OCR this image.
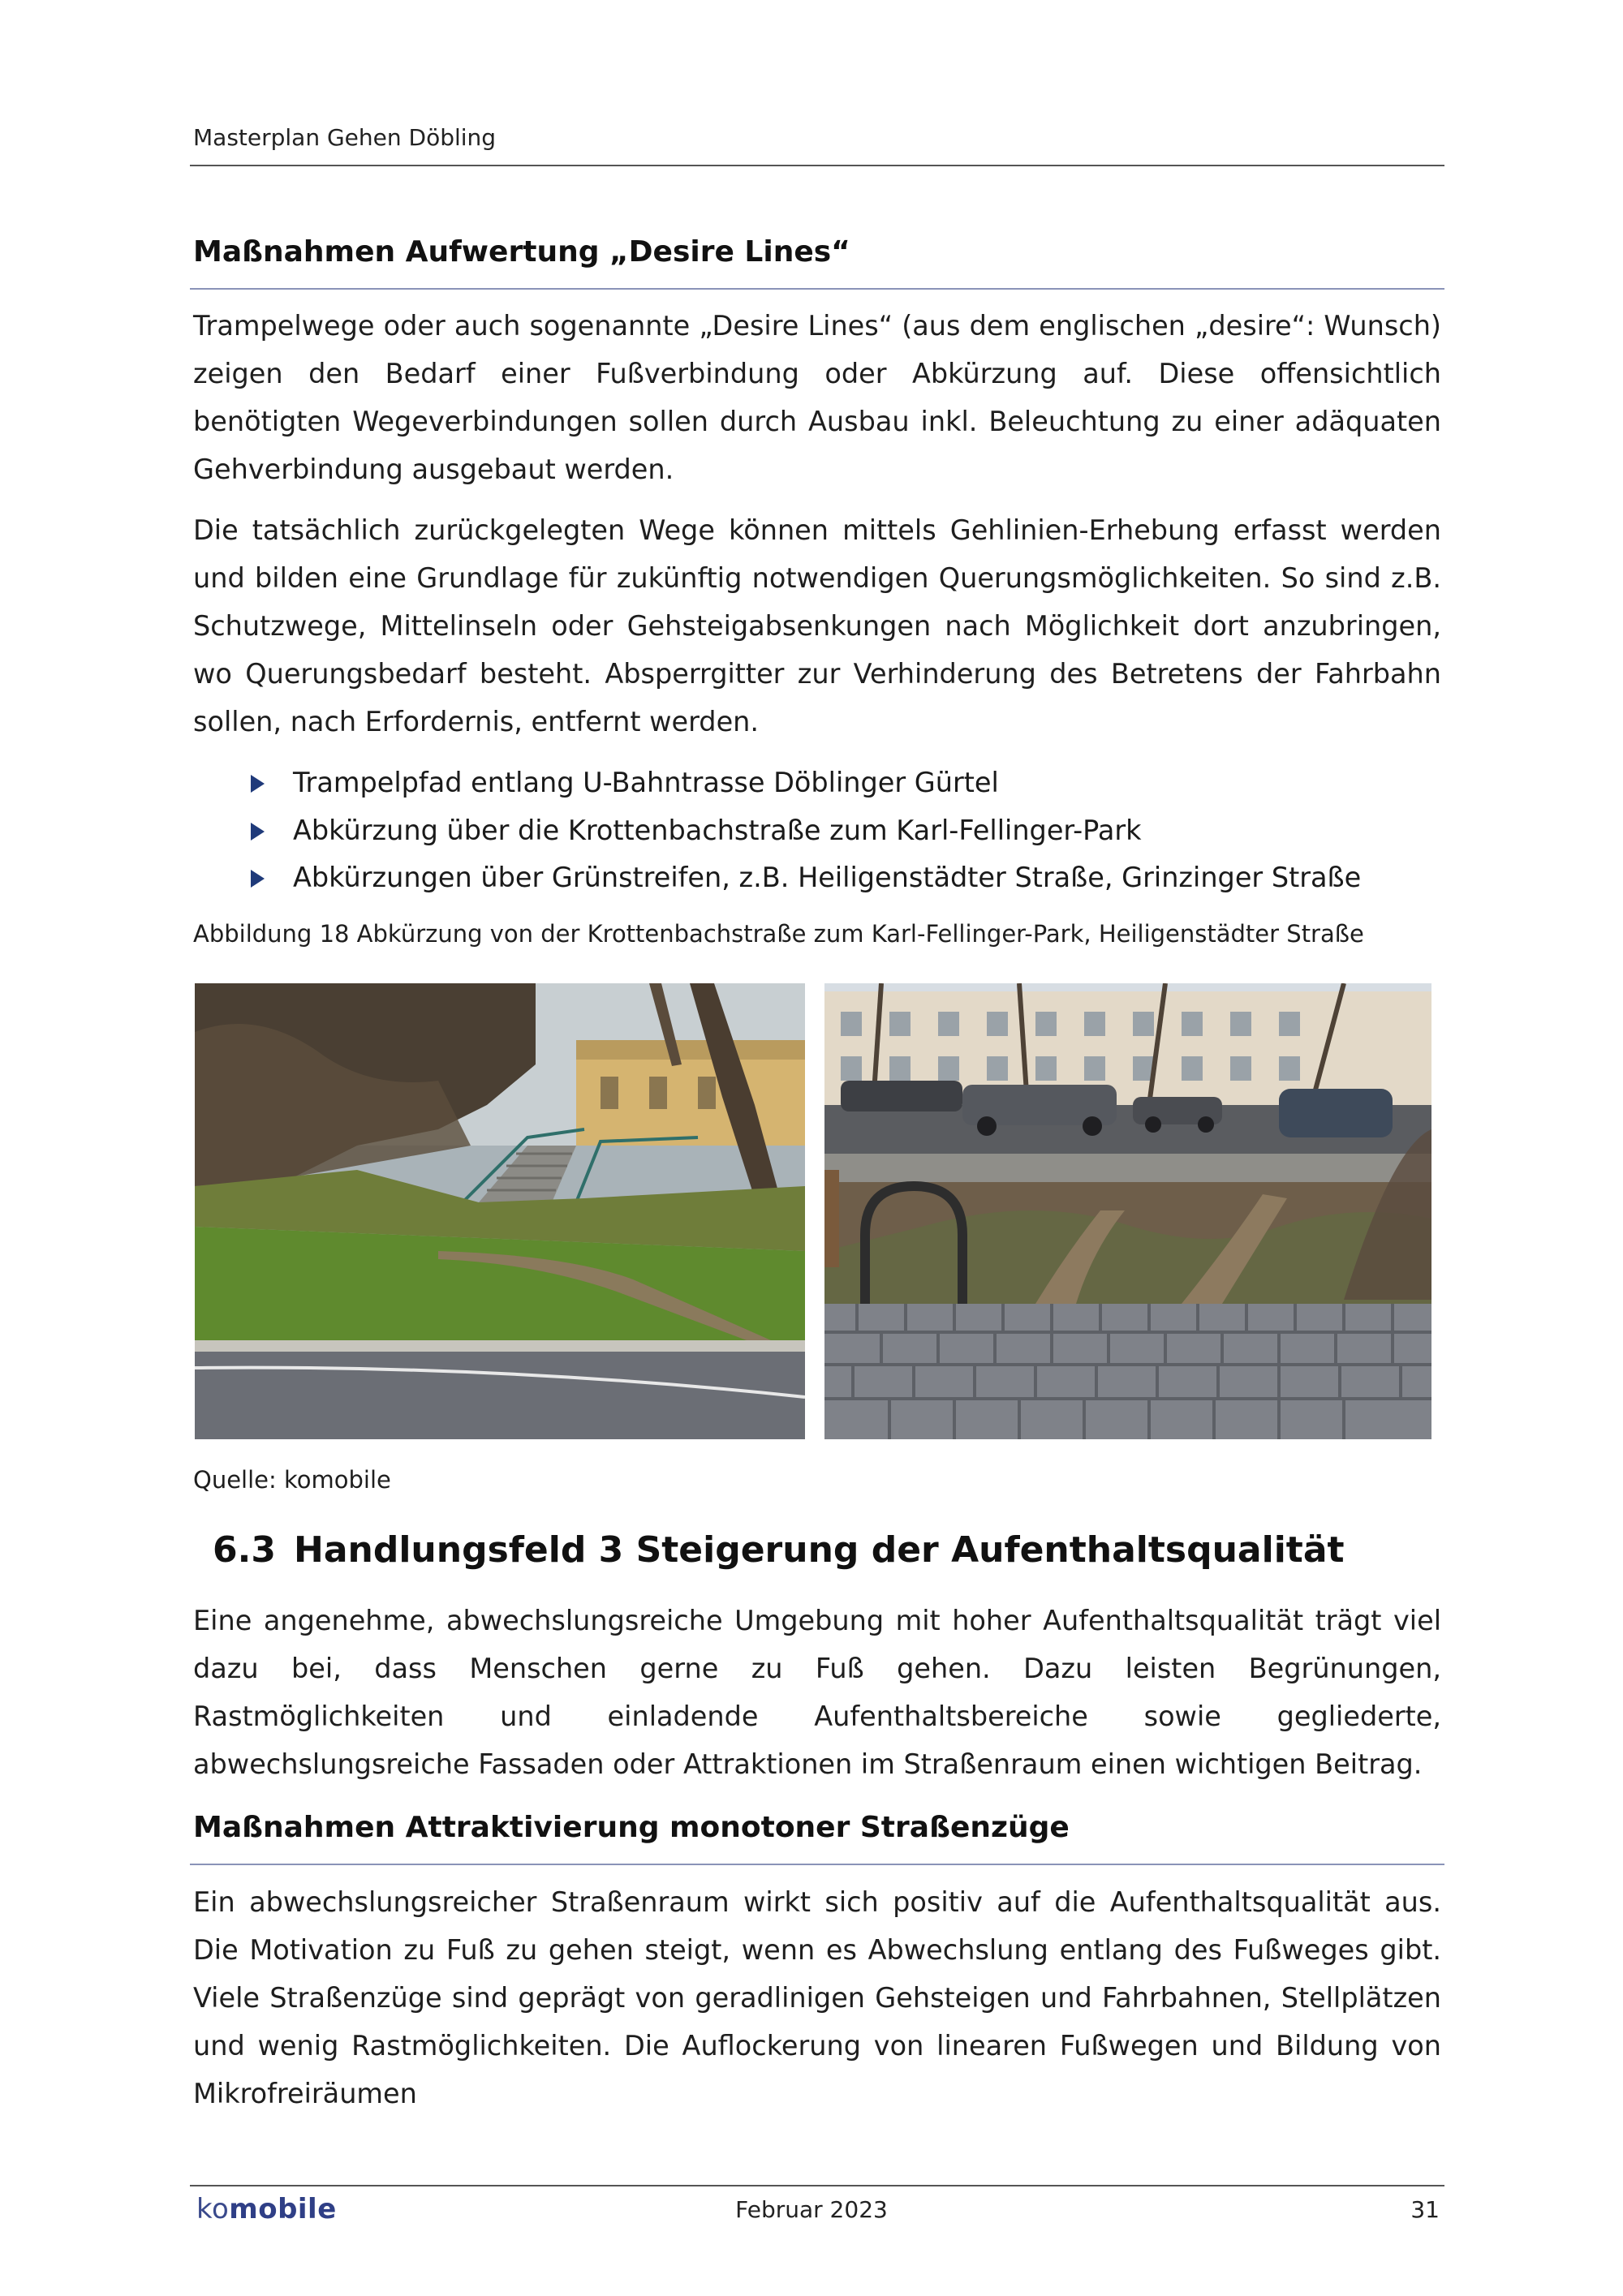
Masterplan Gehen Döbling
Maßnahmen Aufwertung „Desire Lines“
Trampelwege oder auch sogenannte „Desire Lines“ (aus dem englischen „desire“: Wunsch) zeigen den Bedarf einer Fußverbindung oder Abkürzung auf. Diese offensichtlich benötigten Wegeverbindungen sollen durch Ausbau inkl. Beleuchtung zu einer adäquaten Gehverbindung ausgebaut werden.
Die tatsächlich zurückgelegten Wege können mittels Gehlinien-Erhebung erfasst werden und bilden eine Grundlage für zukünftig notwendigen Querungsmöglichkeiten. So sind z.B. Schutzwege, Mittelinseln oder Gehsteigabsenkungen nach Möglichkeit dort anzubringen, wo Querungsbedarf besteht. Absperrgitter zur Verhinderung des Betretens der Fahrbahn sollen, nach Erfordernis, entfernt werden.
Trampelpfad entlang U-Bahntrasse Döblinger Gürtel
Abkürzung über die Krottenbachstraße zum Karl-Fellinger-Park
Abkürzungen über Grünstreifen, z.B. Heiligenstädter Straße, Grinzinger Straße
Abbildung 18 Abkürzung von der Krottenbachstraße zum Karl-Fellinger-Park, Heiligenstädter Straße
Quelle: komobile
6.3 Handlungsfeld 3 Steigerung der Aufenthaltsqualität
Eine angenehme, abwechslungsreiche Umgebung mit hoher Aufenthaltsqualität trägt viel dazu bei, dass Menschen gerne zu Fuß gehen. Dazu leisten Begrünungen, Rastmöglichkeiten und einladende Aufenthaltsbereiche sowie gegliederte, abwechslungsreiche Fassaden oder Attraktionen im Straßenraum einen wichtigen Beitrag.
Maßnahmen Attraktivierung monotoner Straßenzüge
Ein abwechslungsreicher Straßenraum wirkt sich positiv auf die Aufenthaltsqualität aus. Die Motivation zu Fuß zu gehen steigt, wenn es Abwechslung entlang des Fußweges gibt. Viele Straßenzüge sind geprägt von geradlinigen Gehsteigen und Fahrbahnen, Stellplätzen und wenig Rastmöglichkeiten. Die Auflockerung von linearen Fußwegen und Bildung von Mikrofreiräumen
komobile	Februar 2023	31
